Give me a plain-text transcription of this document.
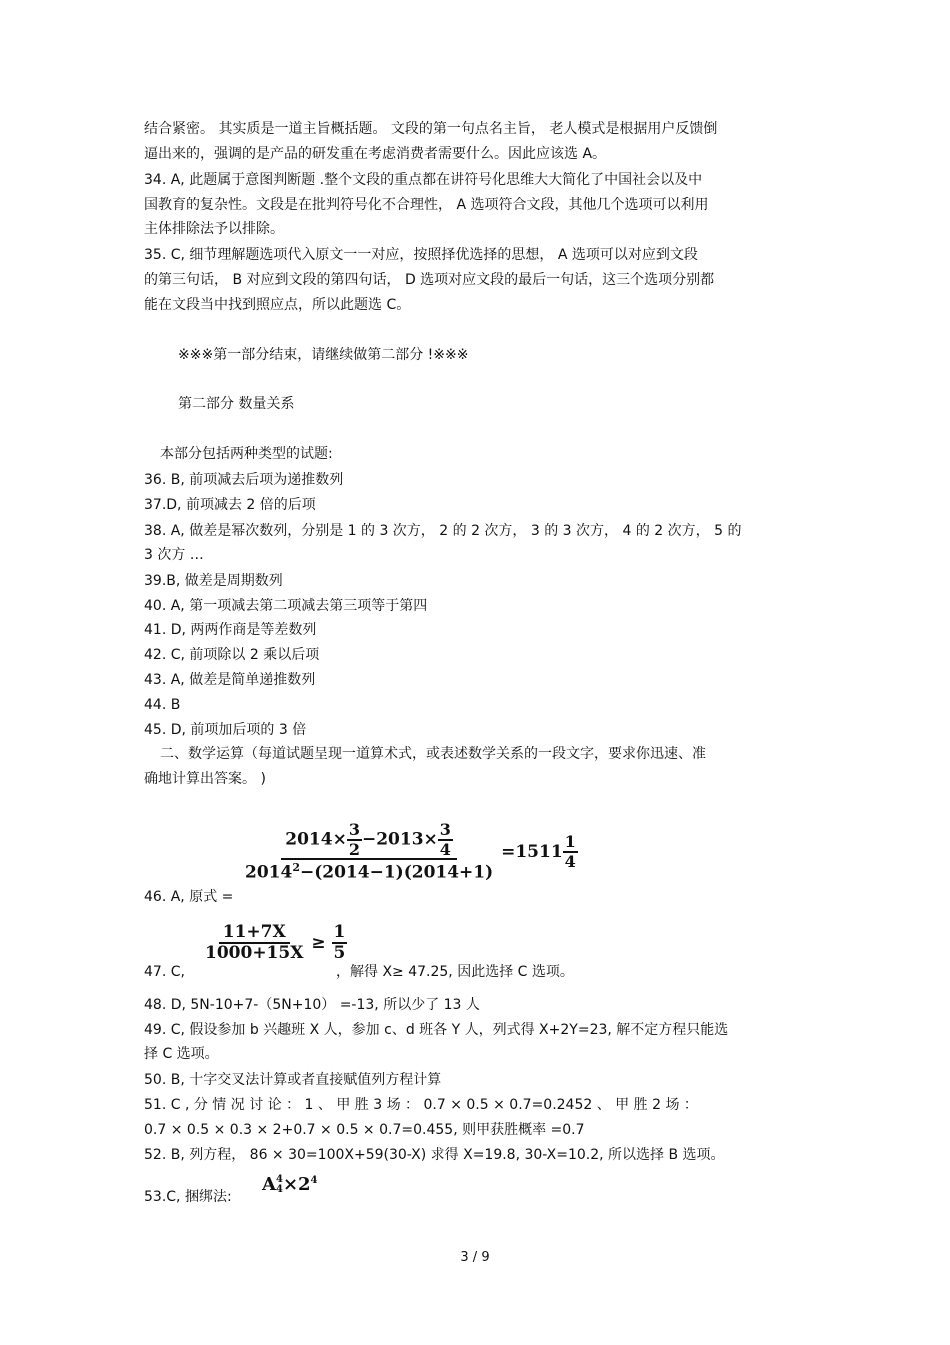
结合紧密。 其实质是一道主旨概括题。 文段的第一句点名主旨， 老人模式是根据用户反馈倒
逼出来的，强调的是产品的研发重在考虑消费者需要什么。因此应该选 A。
34. A, 此题属于意图判断题 .整个文段的重点都在讲符号化思维大大简化了中国社会以及中
国教育的复杂性。文段是在批判符号化不合理性， A 选项符合文段，其他几个选项可以利用
主体排除法予以排除。
35. C, 细节理解题选项代入原文一一对应，按照择优选择的思想， A 选项可以对应到文段
的第三句话， B 对应到文段的第四句话， D 选项对应文段的最后一句话，这三个选项分别都
能在文段当中找到照应点，所以此题选 C。
※※※第一部分结束，请继续做第二部分 !※※※
第二部分 数量关系
本部分包括两种类型的试题:
36. B, 前项减去后项为递推数列
37.D, 前项减去 2 倍的后项
38. A, 做差是幂次数列，分别是 1 的 3 次方， 2 的 2 次方， 3 的 3 次方， 4 的 2 次方， 5 的
3 次方 …
39.B, 做差是周期数列
40. A, 第一项减去第二项减去第三项等于第四
41. D, 两两作商是等差数列
42. C, 前项除以 2 乘以后项
43. A, 做差是简单递推数列
44. B
45. D, 前项加后项的 3 倍
二、数学运算（每道试题呈现一道算术式，或表述数学关系的一段文字，要求你迅速、准
确地计算出答案。 )
46. A, 原式 =
$\frac{2014\times \frac{3}{2} -2013\times \frac{3}{4}}{2014^2-(2014-1)(2014+1)} =1511 \frac{1}{4}$
47. C,
$\frac{11+7X}{1000+15X} \ge \frac{1}{5}$
，解得 X≥ 47.25, 因此选择 C 选项。
48. D, 5N-10+7-（5N+10） =-13, 所以少了 13 人
49. C, 假设参加 b 兴趣班 X 人，参加 c、d 班各 Y 人，列式得 X+2Y=23, 解不定方程只能选
择 C 选项。
50. B, 十字交叉法计算或者直接赋值列方程计算
51. C , 分 情 况 讨 论 ： 1 、 甲 胜 3 场 ： 0.7 × 0.5 × 0.7=0.2452 、 甲 胜 2 场 ：
0.7 × 0.5 × 0.3 × 2+0.7 × 0.5 × 0.7=0.455, 则甲获胜概率 =0.7
52. B, 列方程， 86 × 30=100X+59(30-X) 求得 X=19.8, 30-X=10.2, 所以选择 B 选项。
53.C, 捆绑法:
A 4
$4 \times 2^4$
3 / 9
